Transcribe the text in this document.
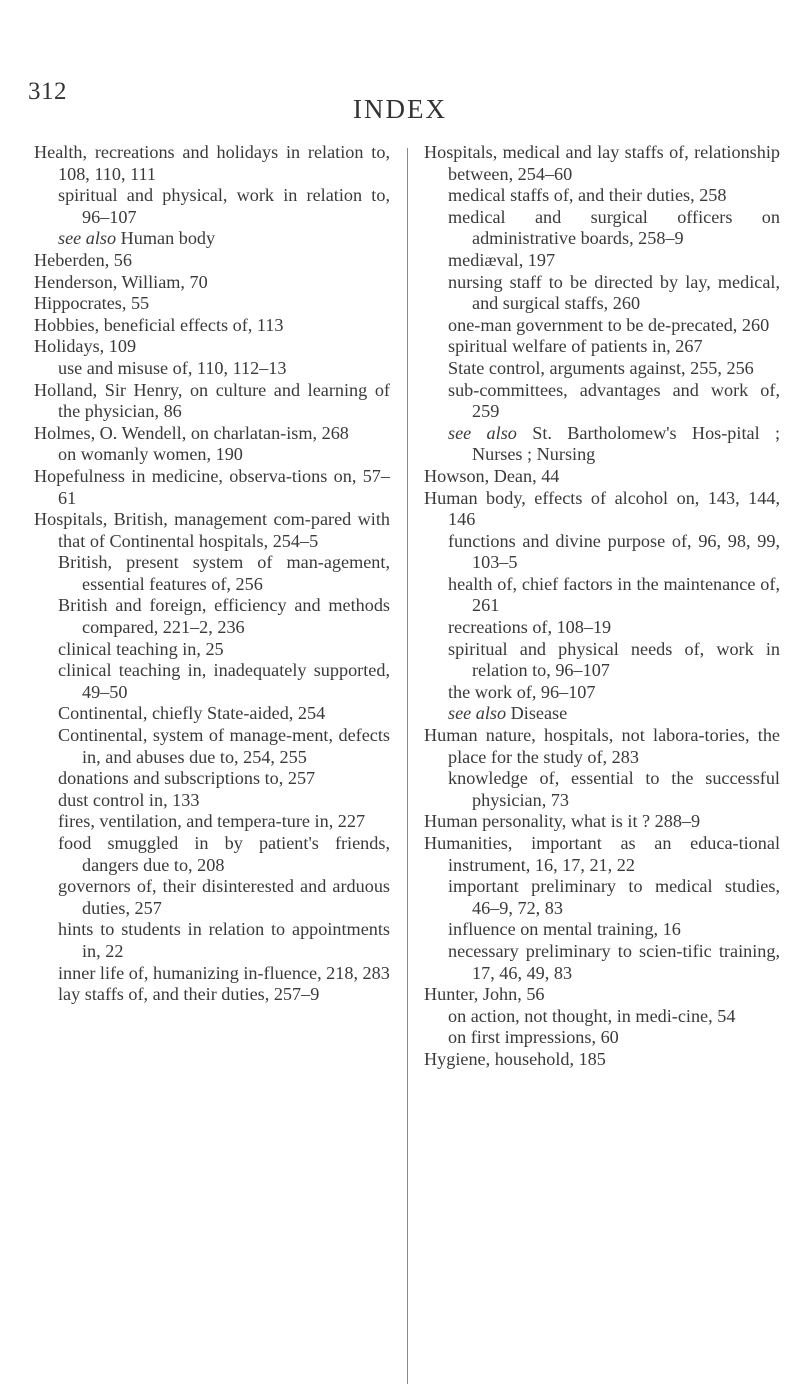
312
INDEX
Health, recreations and holidays in relation to, 108, 110, 111
spiritual and physical, work in relation to, 96–107
see also Human body
Heberden, 56
Henderson, William, 70
Hippocrates, 55
Hobbies, beneficial effects of, 113
Holidays, 109
use and misuse of, 110, 112–13
Holland, Sir Henry, on culture and learning of the physician, 86
Holmes, O. Wendell, on charlatan-ism, 268
on womanly women, 190
Hopefulness in medicine, observa-tions on, 57–61
Hospitals, British, management com-pared with that of Continental hospitals, 254–5
British, present system of man-agement, essential features of, 256
British and foreign, efficiency and methods compared, 221–2, 236
clinical teaching in, 25
clinical teaching in, inadequately supported, 49–50
Continental, chiefly State-aided, 254
Continental, system of manage-ment, defects in, and abuses due to, 254, 255
donations and subscriptions to, 257
dust control in, 133
fires, ventilation, and tempera-ture in, 227
food smuggled in by patient's friends, dangers due to, 208
governors of, their disinterested and arduous duties, 257
hints to students in relation to appointments in, 22
inner life of, humanizing in-fluence, 218, 283
lay staffs of, and their duties, 257–9
Hospitals, medical and lay staffs of, relationship between, 254–60
medical staffs of, and their duties, 258
medical and surgical officers on administrative boards, 258–9
mediæval, 197
nursing staff to be directed by lay, medical, and surgical staffs, 260
one-man government to be de-precated, 260
spiritual welfare of patients in, 267
State control, arguments against, 255, 256
sub-committees, advantages and work of, 259
see also St. Bartholomew's Hos-pital ; Nurses ; Nursing
Howson, Dean, 44
Human body, effects of alcohol on, 143, 144, 146
functions and divine purpose of, 96, 98, 99, 103–5
health of, chief factors in the maintenance of, 261
recreations of, 108–19
spiritual and physical needs of, work in relation to, 96–107
the work of, 96–107
see also Disease
Human nature, hospitals, not labora-tories, the place for the study of, 283
knowledge of, essential to the successful physician, 73
Human personality, what is it ? 288–9
Humanities, important as an educa-tional instrument, 16, 17, 21, 22
important preliminary to medical studies, 46–9, 72, 83
influence on mental training, 16
necessary preliminary to scien-tific training, 17, 46, 49, 83
Hunter, John, 56
on action, not thought, in medi-cine, 54
on first impressions, 60
Hygiene, household, 185
